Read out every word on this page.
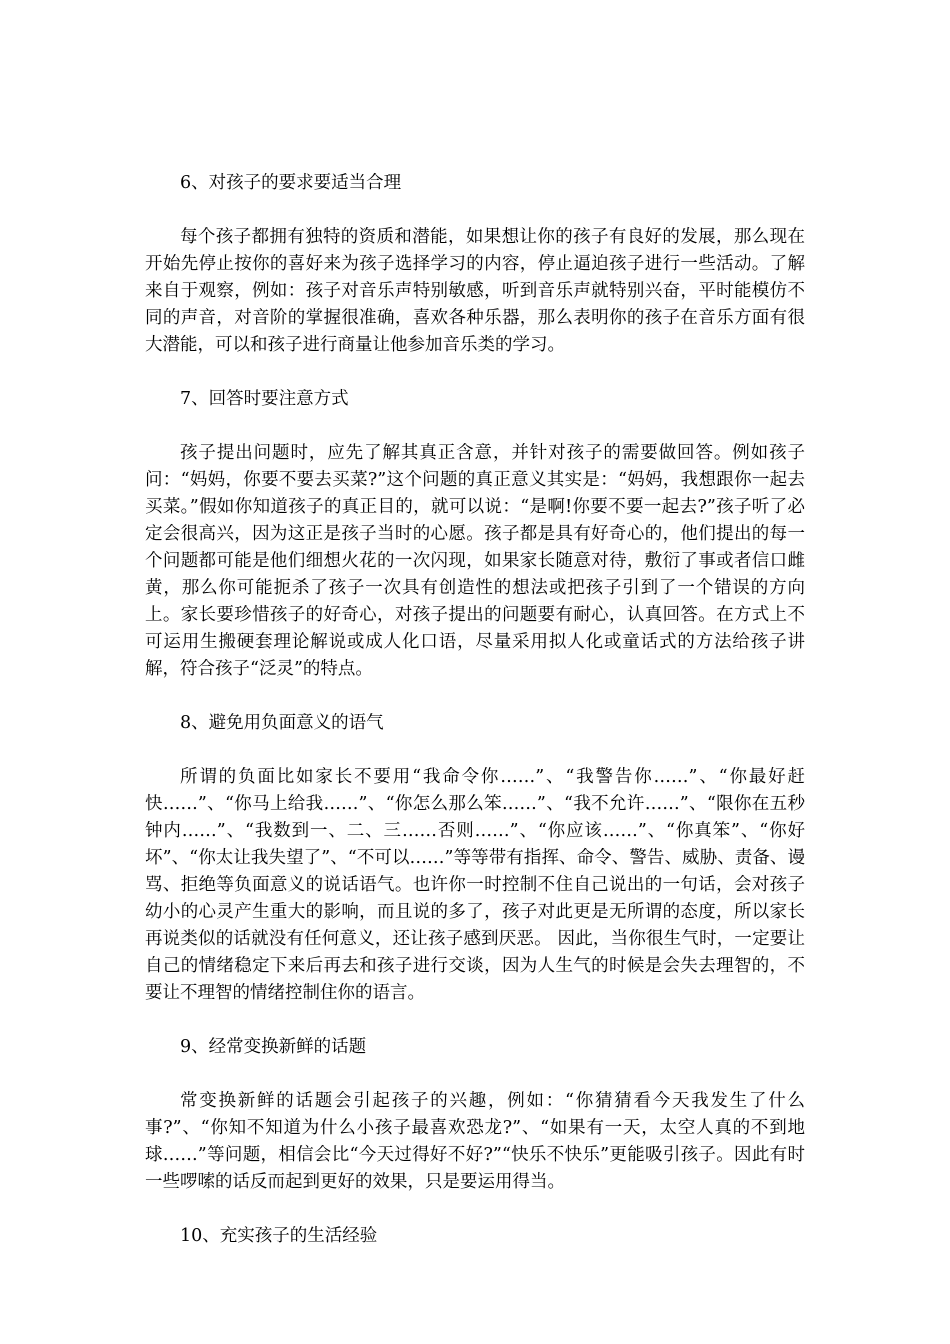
6、对孩子的要求要适当合理

每个孩子都拥有独特的资质和潜能，如果想让你的孩子有良好的发展，那么现在开始先停止按你的喜好来为孩子选择学习的内容，停止逼迫孩子进行一些活动。了解来自于观察，例如：孩子对音乐声特别敏感，听到音乐声就特别兴奋，平时能模仿不同的声音，对音阶的掌握很准确，喜欢各种乐器，那么表明你的孩子在音乐方面有很大潜能，可以和孩子进行商量让他参加音乐类的学习。

7、回答时要注意方式

孩子提出问题时，应先了解其真正含意，并针对孩子的需要做回答。例如孩子问：“妈妈，你要不要去买菜?”这个问题的真正意义其实是：“妈妈，我想跟你一起去买菜。”假如你知道孩子的真正目的，就可以说：“是啊!你要不要一起去?”孩子听了必定会很高兴，因为这正是孩子当时的心愿。孩子都是具有好奇心的，他们提出的每一个问题都可能是他们细想火花的一次闪现，如果家长随意对待，敷衍了事或者信口雌黄，那么你可能扼杀了孩子一次具有创造性的想法或把孩子引到了一个错误的方向上。家长要珍惜孩子的好奇心，对孩子提出的问题要有耐心，认真回答。在方式上不可运用生搬硬套理论解说或成人化口语，尽量采用拟人化或童话式的方法给孩子讲解，符合孩子“泛灵”的特点。

8、避免用负面意义的语气

所谓的负面比如家长不要用“我命令你……”、“我警告你……”、“你最好赶快……”、“你马上给我……”、“你怎么那么笨……”、“我不允许……”、“限你在五秒钟内……”、“我数到一、二、三……否则……”、“你应该……”、“你真笨”、“你好坏”、“你太让我失望了”、“不可以……”等等带有指挥、命令、警告、威胁、责备、谩骂、拒绝等负面意义的说话语气。也许你一时控制不住自己说出的一句话，会对孩子幼小的心灵产生重大的影响，而且说的多了，孩子对此更是无所谓的态度，所以家长再说类似的话就没有任何意义，还让孩子感到厌恶。 因此，当你很生气时，一定要让自己的情绪稳定下来后再去和孩子进行交谈，因为人生气的时候是会失去理智的，不要让不理智的情绪控制住你的语言。

9、经常变换新鲜的话题

常变换新鲜的话题会引起孩子的兴趣，例如：“你猜猜看今天我发生了什么事?”、“你知不知道为什么小孩子最喜欢恐龙?”、“如果有一天，太空人真的不到地球……”等问题，相信会比“今天过得好不好?”“快乐不快乐”更能吸引孩子。因此有时一些啰嗦的话反而起到更好的效果，只是要运用得当。

10、充实孩子的生活经验
